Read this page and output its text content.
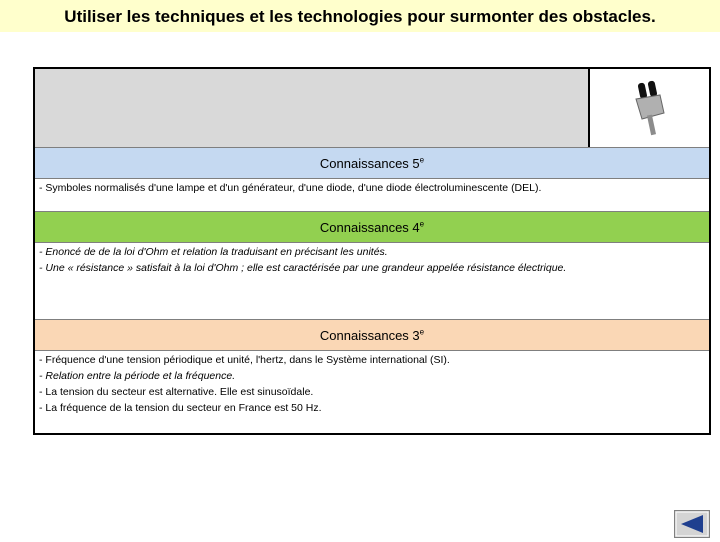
Utiliser les techniques et les technologies pour surmonter des obstacles.
Connaissances 5e
- Symboles normalisés d'une lampe et d'un générateur, d'une diode, d'une diode électroluminescente (DEL).
Connaissances 4e
- Enoncé de de la loi d'Ohm et relation la traduisant en précisant les unités.
- Une « résistance » satisfait à la loi d'Ohm ; elle est caractérisée par une grandeur appelée résistance électrique.
Connaissances 3e
- Fréquence d'une tension périodique et unité, l'hertz, dans le Système international (SI).
- Relation entre la période et la fréquence.
- La tension du secteur est alternative. Elle est sinusoïdale.
- La fréquence de la tension du secteur en France est 50 Hz.
